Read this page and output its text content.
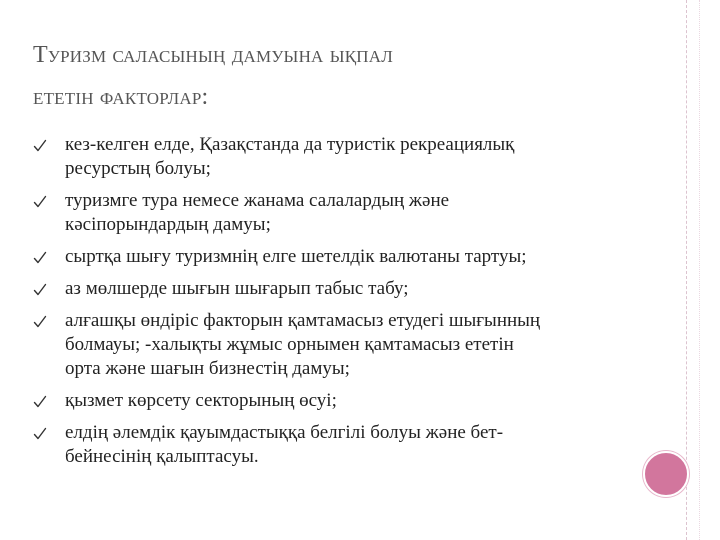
Туризм саласының дамуына ықпал
ететін факторлар:
кез-келген елде, Қазақстанда да туристік рекреациялық
ресурстың болуы;
туризмге тура немесе жанама салалардың және
кәсіпорындардың дамуы;
сыртқа шығу туризмнің елге шетелдік валютаны тартуы;
аз мөлшерде шығын шығарып табыс табу;
алғашқы өндіріс факторын қамтамасыз етудегі шығынның
болмауы; -халықты жұмыс орнымен қамтамасыз ететін
орта және шағын бизнестің дамуы;
қызмет көрсету секторының өсуі;
елдің әлемдік қауымдастыққа белгілі болуы және бет-
бейнесінің қалыптасуы.
